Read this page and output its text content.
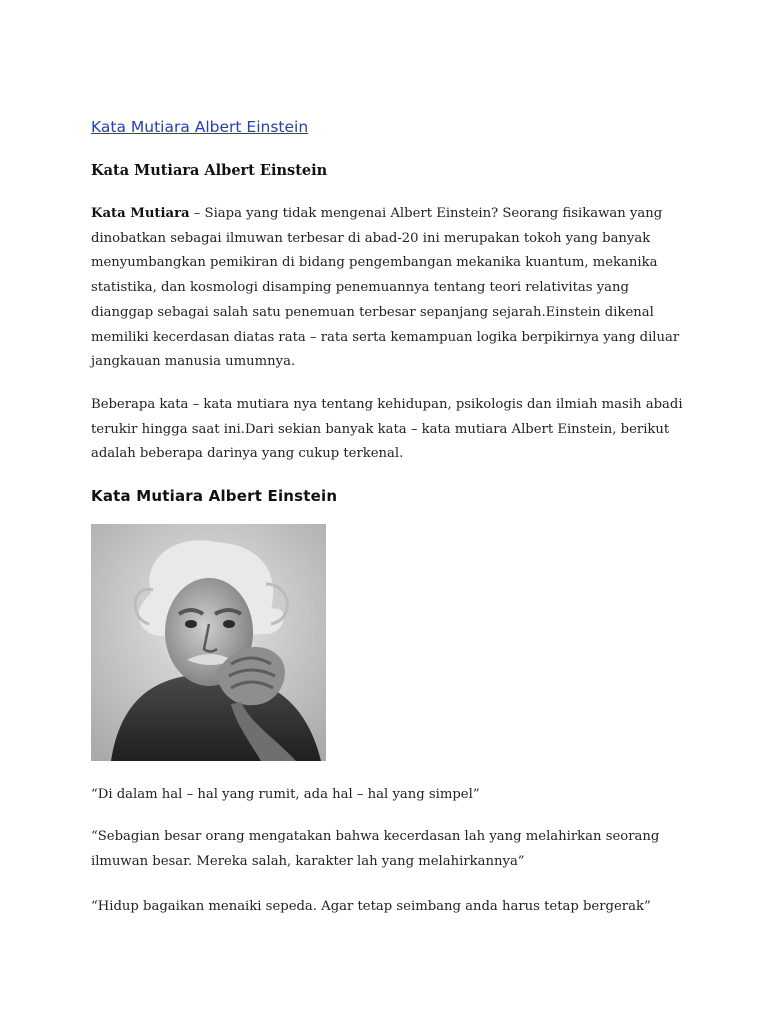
Kata Mutiara Albert Einstein
Kata Mutiara Albert Einstein

Kata Mutiara – Siapa yang tidak mengenai Albert Einstein? Seorang fisikawan yang dinobatkan sebagai ilmuwan terbesar di abad-20 ini merupakan tokoh yang banyak menyumbangkan pemikiran di bidang pengembangan mekanika kuantum, mekanika statistika, dan kosmologi disamping penemuannya tentang teori relativitas yang dianggap sebagai salah satu penemuan terbesar sepanjang sejarah.Einstein dikenal memiliki kecerdasan diatas rata – rata serta kemampuan logika berpikirnya yang diluar jangkauan manusia umumnya.

Beberapa kata – kata mutiara nya tentang kehidupan, psikologis dan ilmiah masih abadi terukir hingga saat ini.Dari sekian banyak kata – kata mutiara Albert Einstein, berikut adalah beberapa darinya yang cukup terkenal.

Kata Mutiara Albert Einstein

“Di dalam hal – hal yang rumit, ada hal – hal yang simpel”

“Sebagian besar orang mengatakan bahwa kecerdasan lah yang melahirkan seorang ilmuwan besar. Mereka salah, karakter lah yang melahirkannya”

“Hidup bagaikan menaiki sepeda. Agar tetap seimbang anda harus tetap bergerak”
